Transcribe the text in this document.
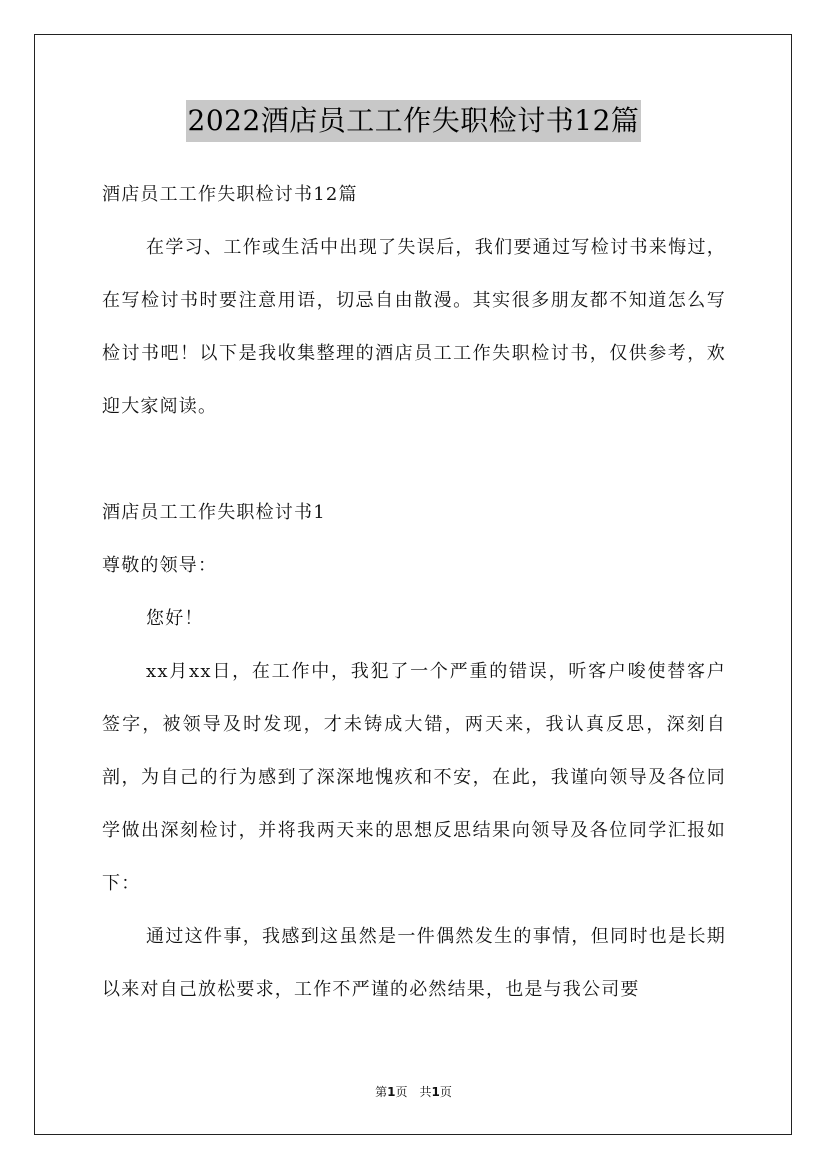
2022酒店员工工作失职检讨书12篇

酒店员工工作失职检讨书12篇

在学习、工作或生活中出现了失误后，我们要通过写检讨书来悔过，在写检讨书时要注意用语，切忌自由散漫。其实很多朋友都不知道怎么写检讨书吧！以下是我收集整理的酒店员工工作失职检讨书，仅供参考，欢迎大家阅读。

酒店员工工作失职检讨书1

尊敬的领导：

您好！

xx月xx日，在工作中，我犯了一个严重的错误，听客户唆使替客户签字，被领导及时发现，才未铸成大错，两天来，我认真反思，深刻自剖，为自己的行为感到了深深地愧疚和不安，在此，我谨向领导及各位同学做出深刻检讨，并将我两天来的思想反思结果向领导及各位同学汇报如下：

通过这件事，我感到这虽然是一件偶然发生的事情，但同时也是长期以来对自己放松要求，工作不严谨的必然结果，也是与我公司要

第1页　共1页
